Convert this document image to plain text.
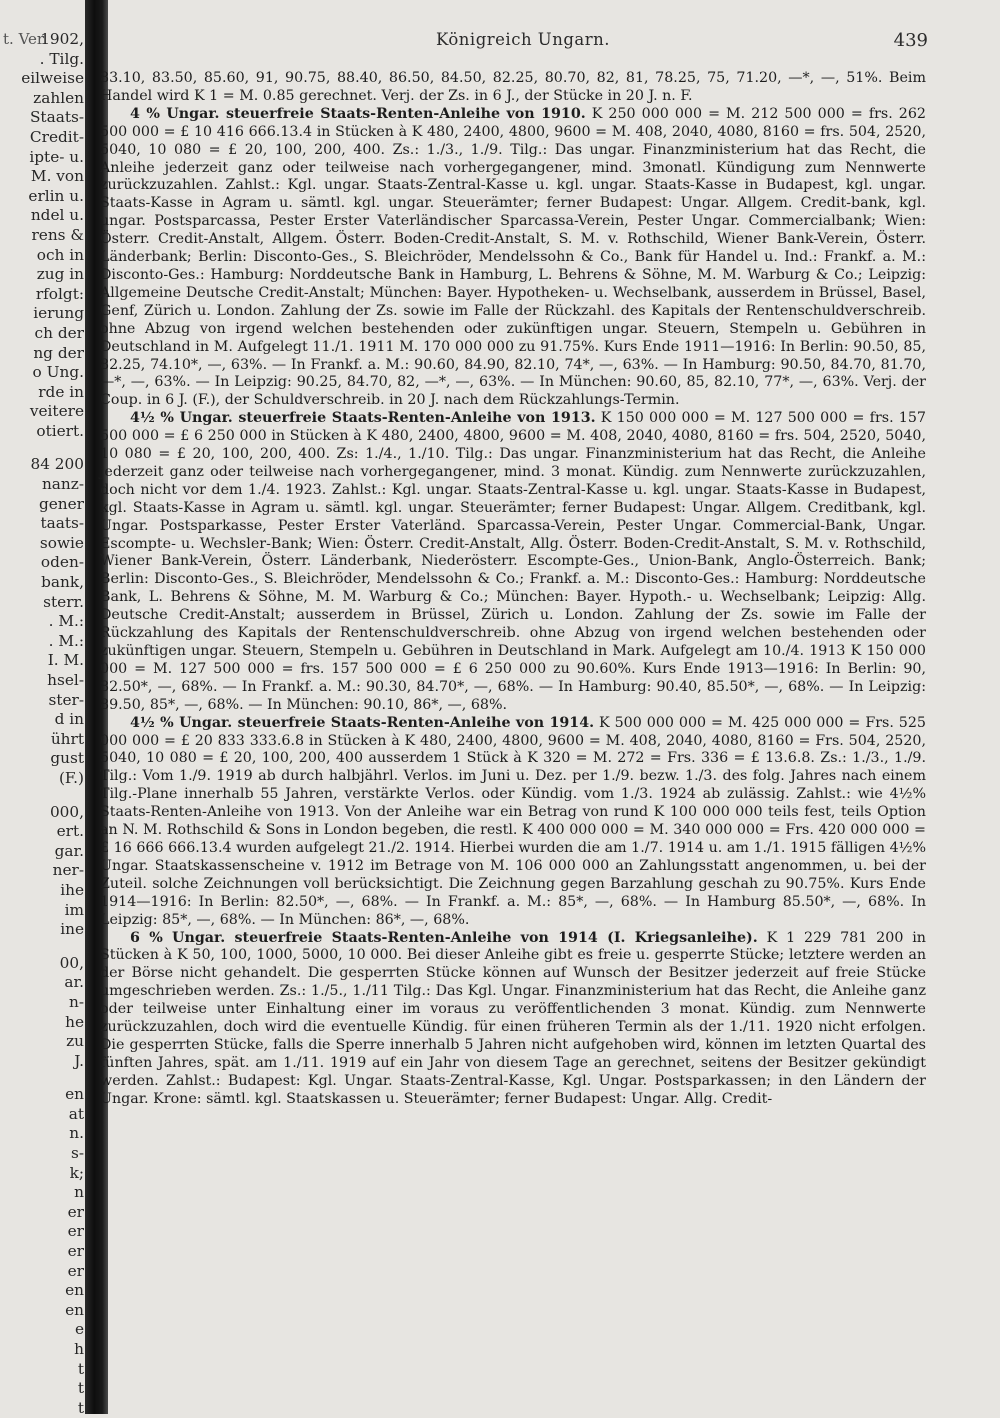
1902,
. Tilg.
eilweise
zahlen
Staats-
Credit-
ipte- u.
M. von
erlin u.
ndel u.
rens &
och in
zug in
rfolgt:
ierung
ch der
ng der
o Ung.
rde in
veitere
otiert.
84 200
nanz-
gener
taats-
sowie
oden-
bank,
sterr.
. M.:
. M.:
I. M.
hsel-
ster-
d in
ührt
gust
(F.)
000,
ert.
gar.
ner-
ihe
im
ine
00,
ar.
n-
he
zu
J.
en
at
n.
s-
k;
n
er
er
er
er
en
en
e
h
t
t
t
t. Ver	Königreich Ungarn.	439

83.10, 83.50, 85.60, 91, 90.75, 88.40, 86.50, 84.50, 82.25, 80.70, 82, 81, 78.25, 75, 71.20, —*, —, 51%. Beim Handel wird K 1 = M. 0.85 gerechnet. Verj. der Zs. in 6 J., der Stücke in 20 J. n. F.

4 % Ungar. steuerfreie Staats-Renten-Anleihe von 1910. K 250 000 000 = M. 212 500 000 = frs. 262 500 000 = £ 10 416 666.13.4 in Stücken à K 480, 2400, 4800, 9600 = M. 408, 2040, 4080, 8160 = frs. 504, 2520, 5040, 10 080 = £ 20, 100, 200, 400. Zs.: 1./3., 1./9. Tilg.: Das ungar. Finanzministerium hat das Recht, die Anleihe jederzeit ganz oder teilweise nach vorhergegangener, mind. 3monatl. Kündigung zum Nennwerte zurückzuzahlen. Zahlst.: Kgl. ungar. Staats-Zentral-Kasse u. kgl. ungar. Staats-Kasse in Budapest, kgl. ungar. Staats-Kasse in Agram u. sämtl. kgl. ungar. Steuerämter; ferner Budapest: Ungar. Allgem. Credit-bank, kgl. ungar. Postsparcassa, Pester Erster Vaterländischer Sparcassa-Verein, Pester Ungar. Commercialbank; Wien: Österr. Credit-Anstalt, Allgem. Österr. Boden-Credit-Anstalt, S. M. v. Rothschild, Wiener Bank-Verein, Österr. Länderbank; Berlin: Disconto-Ges., S. Bleichröder, Mendelssohn & Co., Bank für Handel u. Ind.: Frankf. a. M.: Disconto-Ges.: Hamburg: Norddeutsche Bank in Hamburg, L. Behrens & Söhne, M. M. Warburg & Co.; Leipzig: Allgemeine Deutsche Credit-Anstalt; München: Bayer. Hypotheken- u. Wechselbank, ausserdem in Brüssel, Basel, Genf, Zürich u. London. Zahlung der Zs. sowie im Falle der Rückzahl. des Kapitals der Rentenschuldverschreib. ohne Abzug von irgend welchen bestehenden oder zukünftigen ungar. Steuern, Stempeln u. Gebühren in Deutschland in M. Aufgelegt 11./1. 1911 M. 170 000 000 zu 91.75%. Kurs Ende 1911—1916: In Berlin: 90.50, 85, 82.25, 74.10*, —, 63%. — In Frankf. a. M.: 90.60, 84.90, 82.10, 74*, —, 63%. — In Hamburg: 90.50, 84.70, 81.70, —*, —, 63%. — In Leipzig: 90.25, 84.70, 82, —*, —, 63%. — In München: 90.60, 85, 82.10, 77*, —, 63%. Verj. der Coup. in 6 J. (F.), der Schuldverschreib. in 20 J. nach dem Rückzahlungs-Termin.

4½ % Ungar. steuerfreie Staats-Renten-Anleihe von 1913. K 150 000 000 = M. 127 500 000 = frs. 157 500 000 = £ 6 250 000 in Stücken à K 480, 2400, 4800, 9600 = M. 408, 2040, 4080, 8160 = frs. 504, 2520, 5040, 10 080 = £ 20, 100, 200, 400. Zs: 1./4., 1./10. Tilg.: Das ungar. Finanzministerium hat das Recht, die Anleihe jederzeit ganz oder teilweise nach vorhergegangener, mind. 3 monat. Kündig. zum Nennwerte zurückzuzahlen, doch nicht vor dem 1./4. 1923. Zahlst.: Kgl. ungar. Staats-Zentral-Kasse u. kgl. ungar. Staats-Kasse in Budapest, kgl. Staats-Kasse in Agram u. sämtl. kgl. ungar. Steuerämter; ferner Budapest: Ungar. Allgem. Creditbank, kgl. Ungar. Postsparkasse, Pester Erster Vaterländ. Sparcassa-Verein, Pester Ungar. Commercial-Bank, Ungar. Escompte- u. Wechsler-Bank; Wien: Österr. Credit-Anstalt, Allg. Österr. Boden-Credit-Anstalt, S. M. v. Rothschild, Wiener Bank-Verein, Österr. Länderbank, Niederösterr. Escompte-Ges., Union-Bank, Anglo-Österreich. Bank; Berlin: Disconto-Ges., S. Bleichröder, Mendelssohn & Co.; Frankf. a. M.: Disconto-Ges.: Hamburg: Norddeutsche Bank, L. Behrens & Söhne, M. M. Warburg & Co.; München: Bayer. Hypoth.- u. Wechselbank; Leipzig: Allg. Deutsche Credit-Anstalt; ausserdem in Brüssel, Zürich u. London. Zahlung der Zs. sowie im Falle der Rückzahlung des Kapitals der Rentenschuldverschreib. ohne Abzug von irgend welchen bestehenden oder zukünftigen ungar. Steuern, Stempeln u. Gebühren in Deutschland in Mark. Aufgelegt am 10./4. 1913 K 150 000 000 = M. 127 500 000 = frs. 157 500 000 = £ 6 250 000 zu 90.60%. Kurs Ende 1913—1916: In Berlin: 90, 82.50*, —, 68%. — In Frankf. a. M.: 90.30, 84.70*, —, 68%. — In Hamburg: 90.40, 85.50*, —, 68%. — In Leipzig: 89.50, 85*, —, 68%. — In München: 90.10, 86*, —, 68%.

4½ % Ungar. steuerfreie Staats-Renten-Anleihe von 1914. K 500 000 000 = M. 425 000 000 = Frs. 525 000 000 = £ 20 833 333.6.8 in Stücken à K 480, 2400, 4800, 9600 = M. 408, 2040, 4080, 8160 = Frs. 504, 2520, 5040, 10 080 = £ 20, 100, 200, 400 ausserdem 1 Stück à K 320 = M. 272 = Frs. 336 = £ 13.6.8. Zs.: 1./3., 1./9. Tilg.: Vom 1./9. 1919 ab durch halbjährl. Verlos. im Juni u. Dez. per 1./9. bezw. 1./3. des folg. Jahres nach einem Tilg.-Plane innerhalb 55 Jahren, verstärkte Verlos. oder Kündig. vom 1./3. 1924 ab zulässig. Zahlst.: wie 4½% Staats-Renten-Anleihe von 1913. Von der Anleihe war ein Betrag von rund K 100 000 000 teils fest, teils Option an N. M. Rothschild & Sons in London begeben, die restl. K 400 000 000 = M. 340 000 000 = Frs. 420 000 000 = £ 16 666 666.13.4 wurden aufgelegt 21./2. 1914. Hierbei wurden die am 1./7. 1914 u. am 1./1. 1915 fälligen 4½% Ungar. Staatskassenscheine v. 1912 im Betrage von M. 106 000 000 an Zahlungsstatt angenommen, u. bei der Zuteil. solche Zeichnungen voll berücksichtigt. Die Zeichnung gegen Barzahlung geschah zu 90.75%. Kurs Ende 1914—1916: In Berlin: 82.50*, —, 68%. — In Frankf. a. M.: 85*, —, 68%. — In Hamburg 85.50*, —, 68%. In Leipzig: 85*, —, 68%. — In München: 86*, —, 68%.

6 % Ungar. steuerfreie Staats-Renten-Anleihe von 1914 (I. Kriegsanleihe). K 1 229 781 200 in Stücken à K 50, 100, 1000, 5000, 10 000. Bei dieser Anleihe gibt es freie u. gesperrte Stücke; letztere werden an der Börse nicht gehandelt. Die gesperrten Stücke können auf Wunsch der Besitzer jederzeit auf freie Stücke umgeschrieben werden. Zs.: 1./5., 1./11 Tilg.: Das Kgl. Ungar. Finanzministerium hat das Recht, die Anleihe ganz oder teilweise unter Einhaltung einer im voraus zu veröffentlichenden 3 monat. Kündig. zum Nennwerte zurückzuzahlen, doch wird die eventuelle Kündig. für einen früheren Termin als der 1./11. 1920 nicht erfolgen. Die gesperrten Stücke, falls die Sperre innerhalb 5 Jahren nicht aufgehoben wird, können im letzten Quartal des fünften Jahres, spät. am 1./11. 1919 auf ein Jahr von diesem Tage an gerechnet, seitens der Besitzer gekündigt werden. Zahlst.: Budapest: Kgl. Ungar. Staats-Zentral-Kasse, Kgl. Ungar. Postsparkassen; in den Ländern der Ungar. Krone: sämtl. kgl. Staatskassen u. Steuerämter; ferner Budapest: Ungar. Allg. Credit-
